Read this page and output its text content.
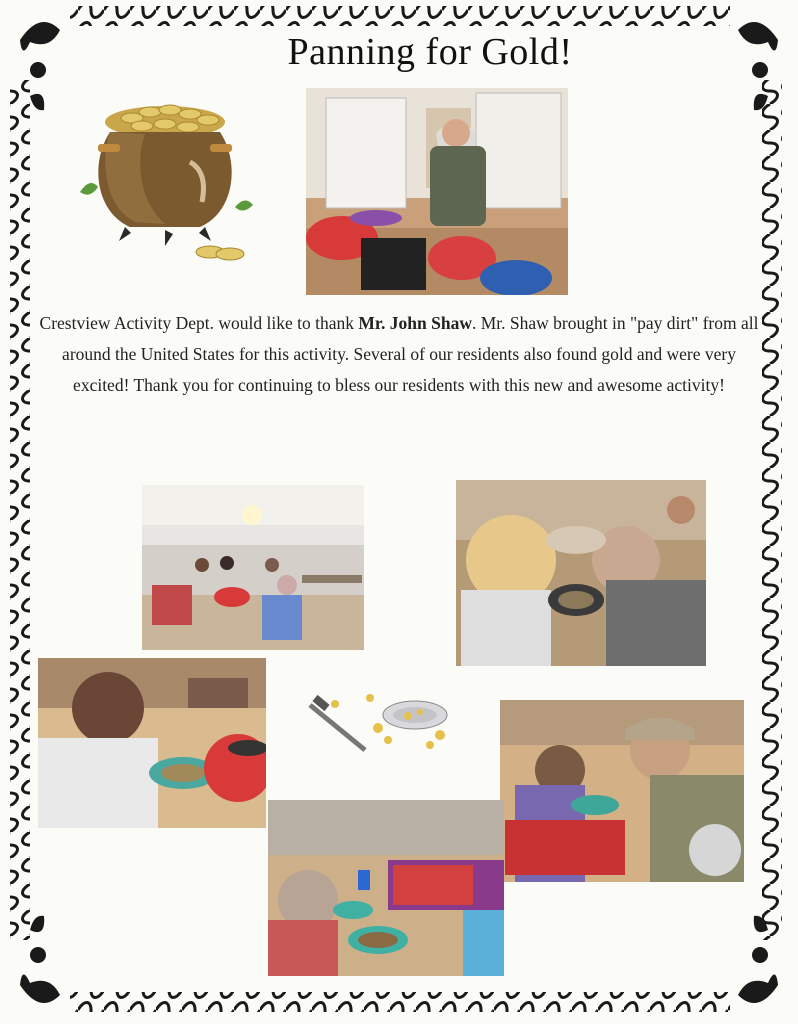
Panning for Gold!
Crestview Activity Dept. would like to thank Mr. John Shaw. Mr. Shaw brought in "pay dirt" from all around the United States for this activity. Several of our residents also found gold and were very excited! Thank you for continuing to bless our residents with this new and awesome activity!
